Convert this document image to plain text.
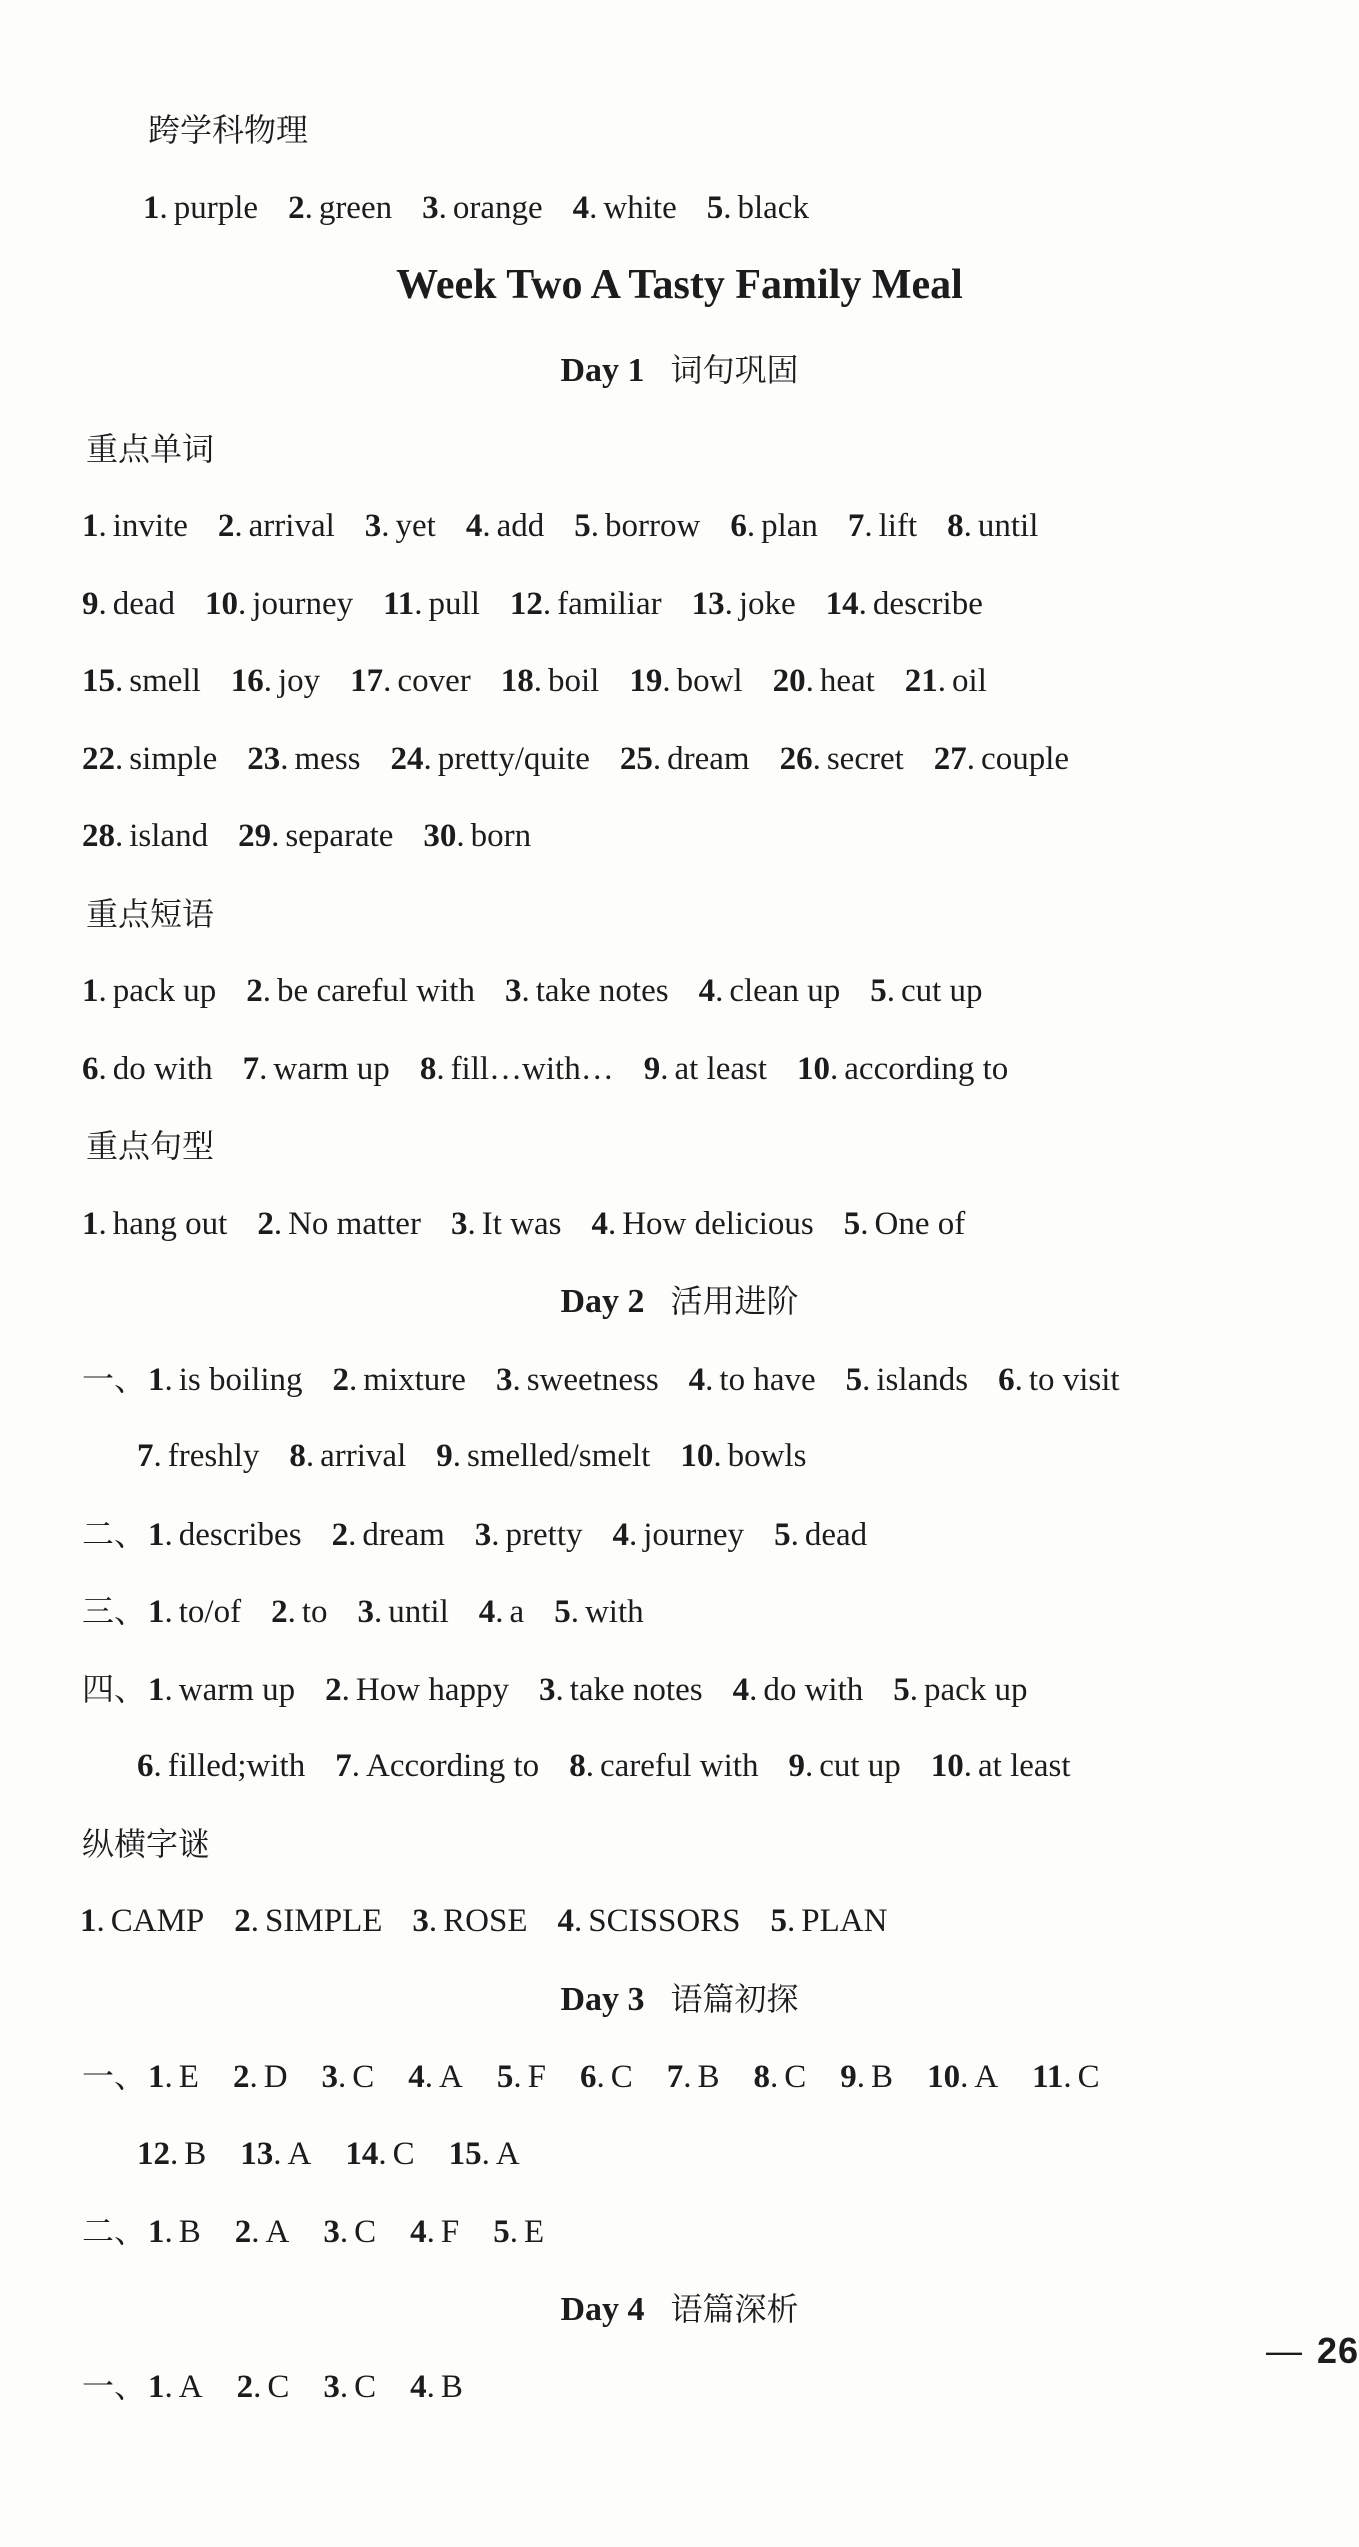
跨学科物理
1. purple 2. green 3. orange 4. white 5. black
Week Two A Tasty Family Meal
Day 1 词句巩固
重点单词
1. invite 2. arrival 3. yet 4. add 5. borrow 6. plan 7. lift 8. until
9. dead 10. journey 11. pull 12. familiar 13. joke 14. describe
15. smell 16. joy 17. cover 18. boil 19. bowl 20. heat 21. oil
22. simple 23. mess 24. pretty/quite 25. dream 26. secret 27. couple
28. island 29. separate 30. born
重点短语
1. pack up 2. be careful with 3. take notes 4. clean up 5. cut up
6. do with 7. warm up 8. fill…with… 9. at least 10. according to
重点句型
1. hang out 2. No matter 3. It was 4. How delicious 5. One of
Day 2 活用进阶
一、1. is boiling 2. mixture 3. sweetness 4. to have 5. islands 6. to visit
7. freshly 8. arrival 9. smelled/smelt 10. bowls
二、1. describes 2. dream 3. pretty 4. journey 5. dead
三、1. to/of 2. to 3. until 4. a 5. with
四、1. warm up 2. How happy 3. take notes 4. do with 5. pack up
6. filled;with 7. According to 8. careful with 9. cut up 10. at least
纵横字谜
1. CAMP 2. SIMPLE 3. ROSE 4. SCISSORS 5. PLAN
Day 3 语篇初探
一、1. E 2. D 3. C 4. A 5. F 6. C 7. B 8. C 9. B 10. A 11. C
12. B 13. A 14. C 15. A
二、1. B 2. A 3. C 4. F 5. E
Day 4 语篇深析
一、1. A 2. C 3. C 4. B
— 26
